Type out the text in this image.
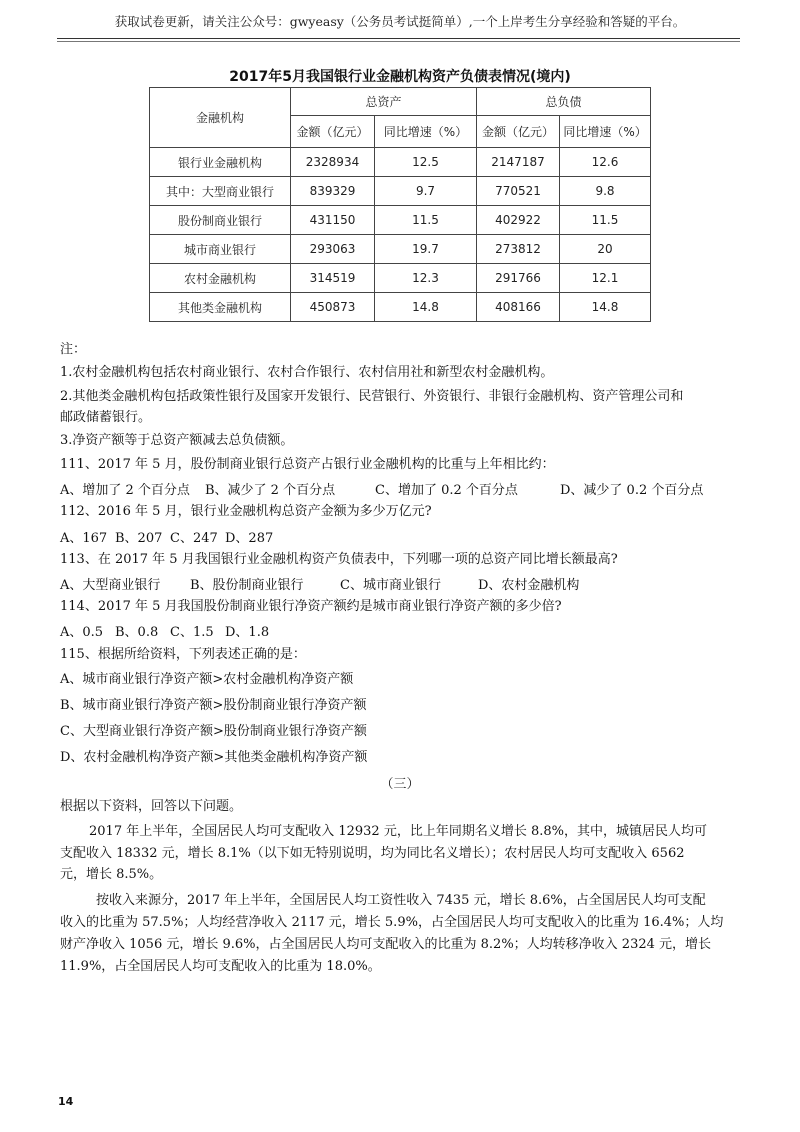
获取试卷更新，请关注公众号：gwyeasy（公务员考试挺简单）,一个上岸考生分享经验和答疑的平台。
2017年5月我国银行业金融机构资产负债表情况(境内)
金融机构	总资产		总负债	
	金额（亿元）	同比增速（%）	金额（亿元）	同比增速（%）
银行业金融机构	2328934	12.5	2147187	12.6
其中：大型商业银行	839329	9.7	770521	9.8
股份制商业银行	431150	11.5	402922	11.5
城市商业银行	293063	19.7	273812	20
农村金融机构	314519	12.3	291766	12.1
其他类金融机构	450873	14.8	408166	14.8
注：
1.农村金融机构包括农村商业银行、农村合作银行、农村信用社和新型农村金融机构。
2.其他类金融机构包括政策性银行及国家开发银行、民营银行、外资银行、非银行金融机构、资产管理公司和
邮政储蓄银行。
3.净资产额等于总资产额减去总负债额。
111、2017 年 5 月，股份制商业银行总资产占银行业金融机构的比重与上年相比约：
A、增加了 2 个百分点 B、减少了 2 个百分点	C、增加了 0.2 个百分点	D、减少了 0.2 个百分点
112、2016 年 5 月，银行业金融机构总资产金额为多少万亿元?
A、167 B、207 C、247 D、287
113、在 2017 年 5 月我国银行业金融机构资产负债表中，下列哪一项的总资产同比增长额最高?
A、大型商业银行 B、股份制商业银行	C、城市商业银行	D、农村金融机构
114、2017 年 5 月我国股份制商业银行净资产额约是城市商业银行净资产额的多少倍?
A、0.5 B、0.8 C、1.5 D、1.8
115、根据所给资料，下列表述正确的是：
A、城市商业银行净资产额>农村金融机构净资产额
B、城市商业银行净资产额>股份制商业银行净资产额
C、大型商业银行净资产额>股份制商业银行净资产额
D、农村金融机构净资产额>其他类金融机构净资产额
（三）
根据以下资料，回答以下问题。
2017 年上半年，全国居民人均可支配收入 12932 元，比上年同期名义增长 8.8%，其中，城镇居民人均可
支配收入 18332 元，增长 8.1%（以下如无特别说明，均为同比名义增长）；农村居民人均可支配收入 6562
元，增长 8.5%。
按收入来源分，2017 年上半年，全国居民人均工资性收入 7435 元，增长 8.6%，占全国居民人均可支配
收入的比重为 57.5%；人均经营净收入 2117 元，增长 5.9%，占全国居民人均可支配收入的比重为 16.4%；人均
财产净收入 1056 元，增长 9.6%，占全国居民人均可支配收入的比重为 8.2%；人均转移净收入 2324 元，增长
11.9%，占全国居民人均可支配收入的比重为 18.0%。
14
